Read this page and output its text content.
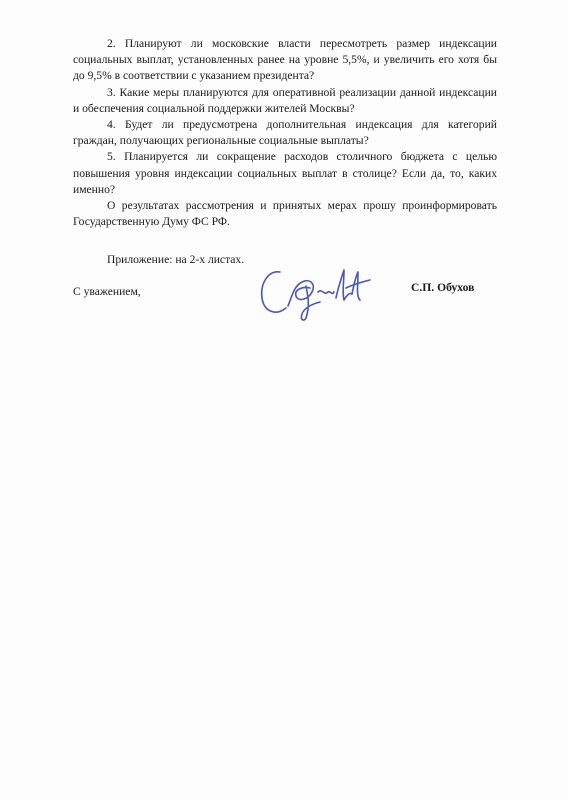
2. Планируют ли московские власти пересмотреть размер индексации социальных выплат, установленных ранее на уровне 5,5%, и увеличить его хотя бы до 9,5% в соответствии с указанием президента?

3. Какие меры планируются для оперативной реализации данной индексации и обеспечения социальной поддержки жителей Москвы?

4. Будет ли предусмотрена дополнительная индексация для категорий граждан, получающих региональные социальные выплаты?

5. Планируется ли сокращение расходов столичного бюджета с целью повышения уровня индексации социальных выплат в столице? Если да, то, каких именно?

О результатах рассмотрения и принятых мерах прошу проинформировать Государственную Думу ФС РФ.

Приложение: на 2-х листах.
С уважением,	С.П. Обухов
